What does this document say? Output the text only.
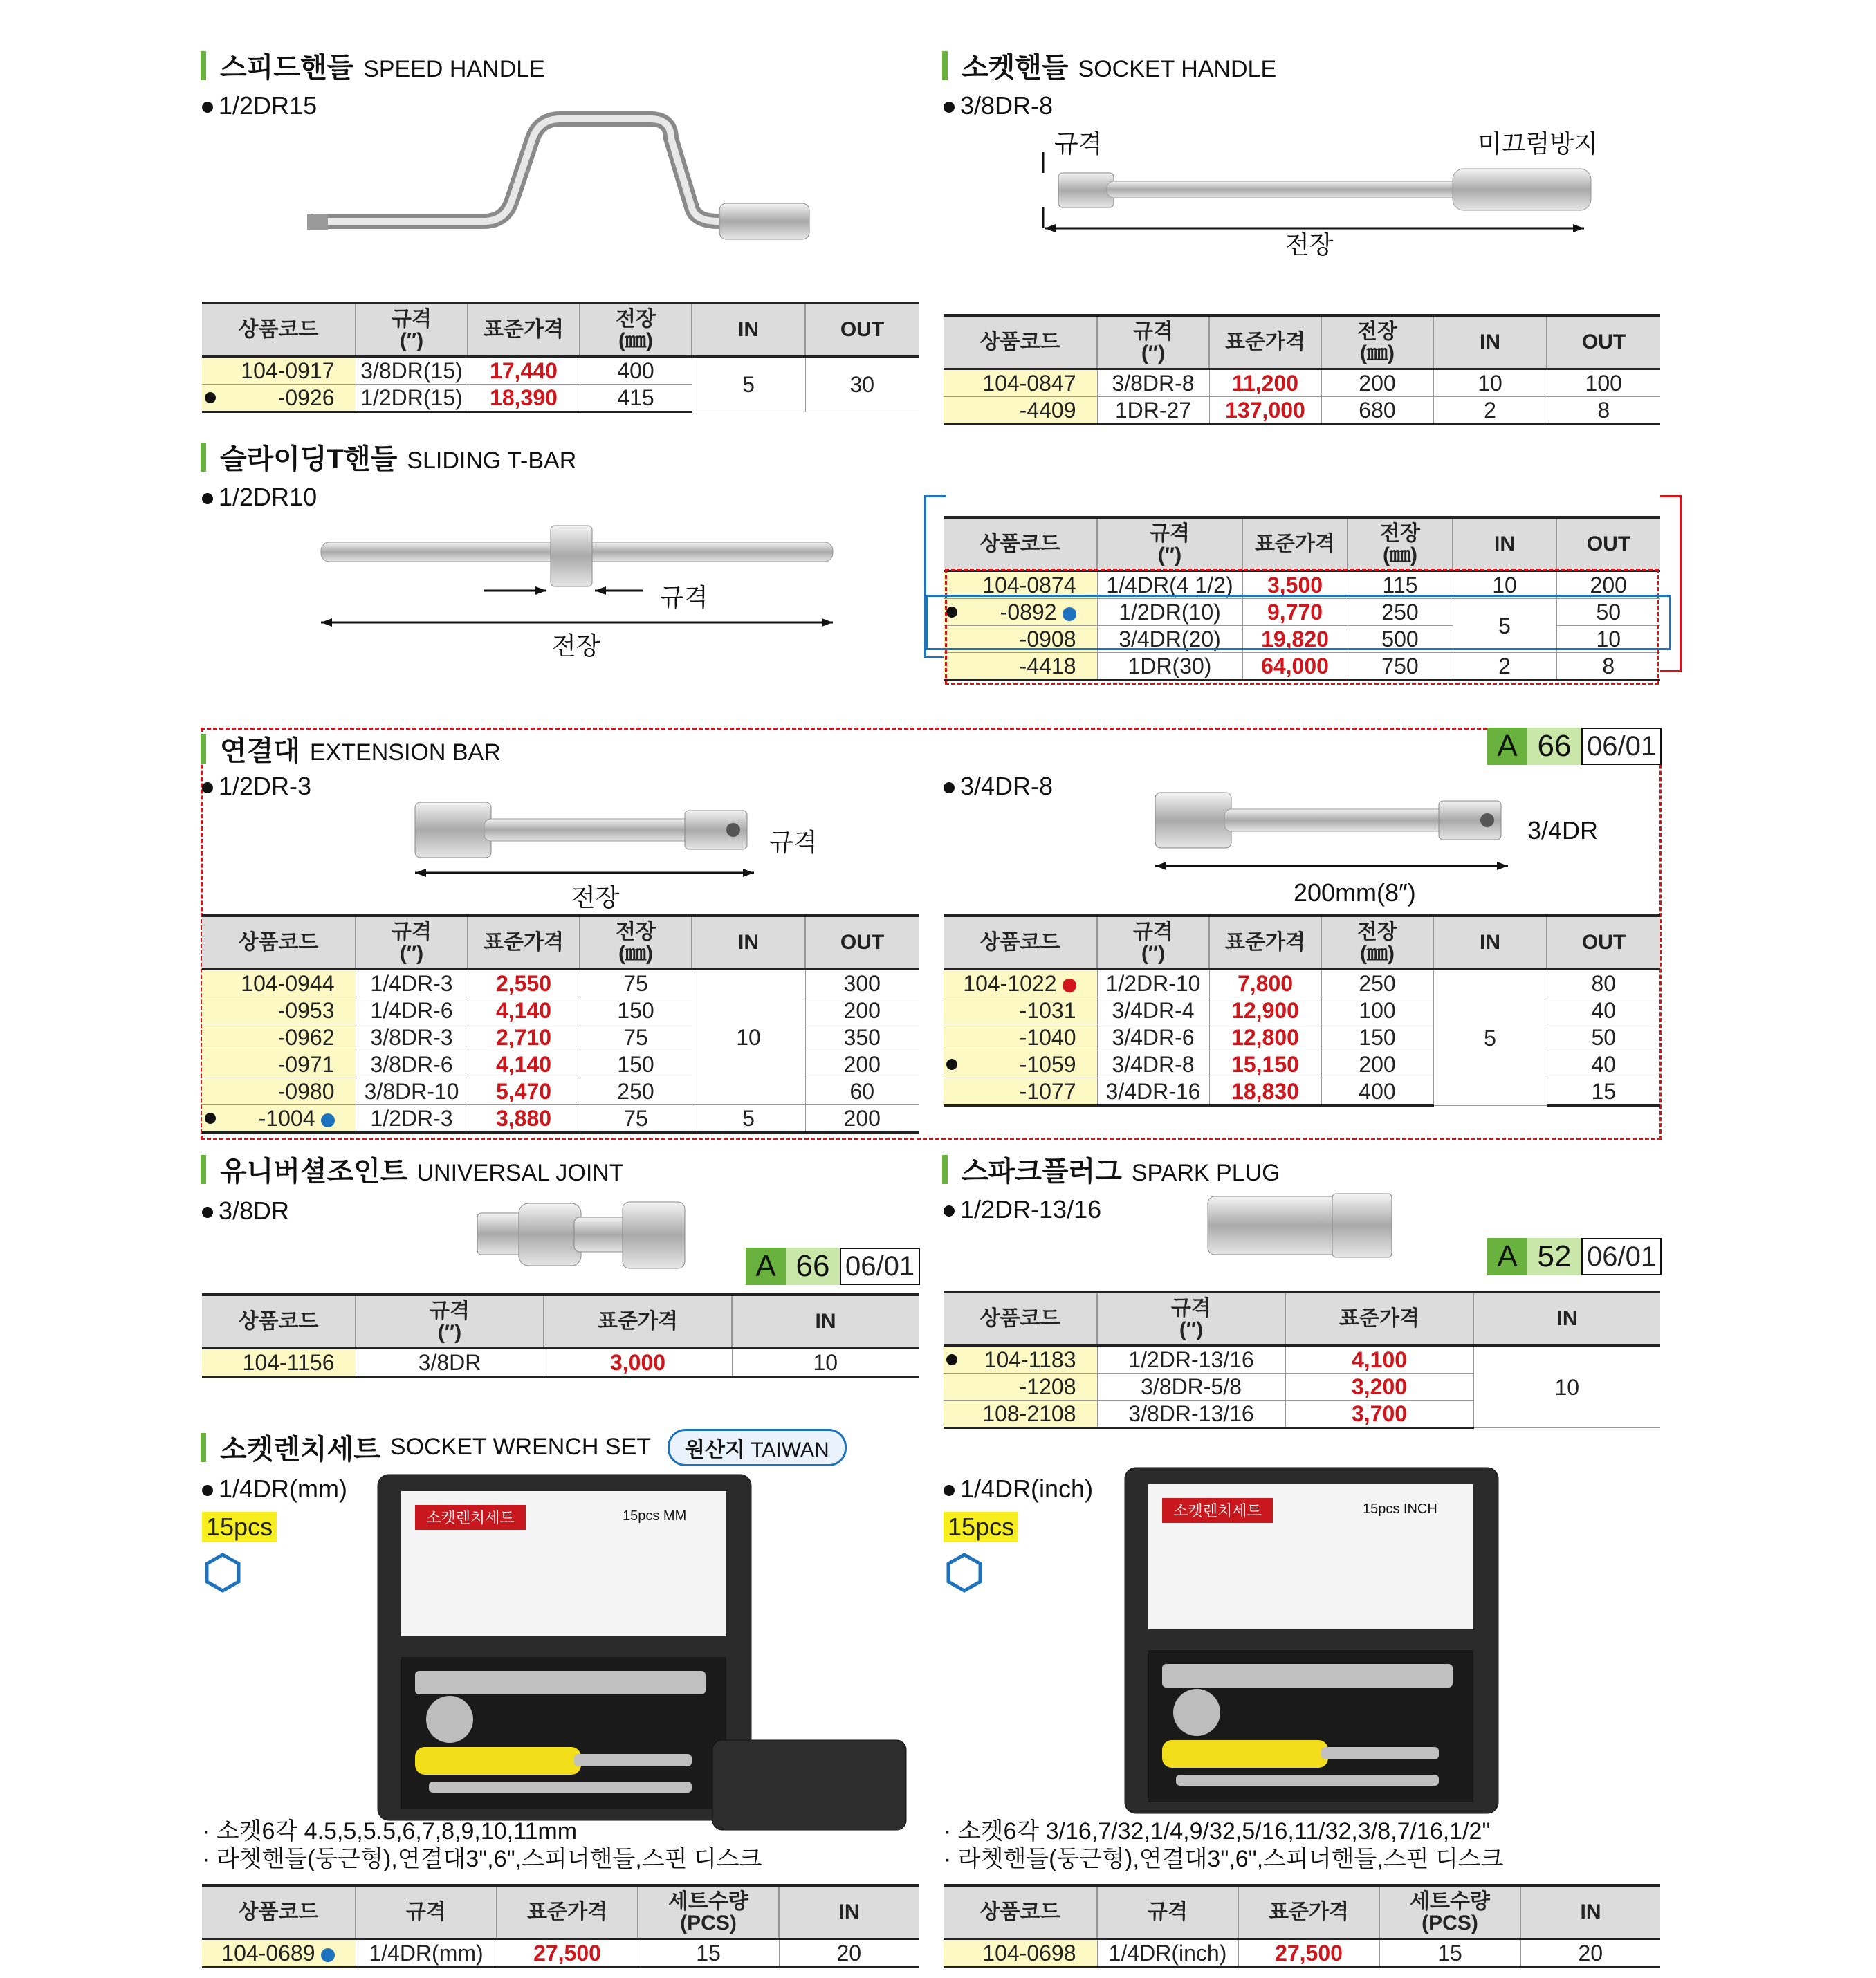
스피드핸들 SPEED HANDLE
1/2DR15
상품코드	규격
(″)	표준가격	전장
(㎜)	IN	OUT
104-0917	3/8DR(15)	17,440	400	5	30

-0926	1/2DR(15)	18,390	415		
소켓핸들 SOCKET HANDLE
3/8DR-8
규격	미끄럼방지
전장
상품코드	규격
(″)	표준가격	전장
(㎜)	IN	OUT
104-0847	3/8DR-8	11,200	200	10	100
-4409	1DR-27	137,000	680	2	8
슬라이딩T핸들 SLIDING T-BAR
1/2DR10
규격
전장
상품코드	규격
(″)	표준가격	전장
(㎜)	IN	OUT
104-0874	1/4DR(4 1/2)	3,500	115	10	200

-0892	1/2DR(10)	9,770	250	5	50
-0908	3/4DR(20)	19,820	500		10
-4418	1DR(30)	64,000	750	2	8
연결대 EXTENSION BAR	A 66 06/01
1/2DR-3	3/4DR-8
규격
전장
3/4DR
200mm(8″)
상품코드	규격
(″)	표준가격	전장
(㎜)	IN	OUT
104-0944	1/4DR-3	2,550	75	10	300
-0953	1/4DR-6	4,140	150		200
-0962	3/8DR-3	2,710	75		350
-0971	3/8DR-6	4,140	150		200
-0980	3/8DR-10	5,470	250		60

-1004	1/2DR-3	3,880	75	5	200
상품코드	규격
(″)	표준가격	전장
(㎜)	IN	OUT
104-1022	1/2DR-10	7,800	250	5	80
-1031	3/4DR-4	12,900	100		40
-1040	3/4DR-6	12,800	150		50

-1059	3/4DR-8	15,150	200		40
-1077	3/4DR-16	18,830	400		15
유니버셜조인트 UNIVERSAL JOINT
3/8DR
A 66 06/01
상품코드	규격
(″)	표준가격	IN
104-1156	3/8DR	3,000	10
스파크플러그 SPARK PLUG
1/2DR-13/16
A 52 06/01
상품코드	규격
(″)	표준가격	IN

104-1183	1/2DR-13/16	4,100	10
-1208	3/8DR-5/8	3,200	
108-2108	3/8DR-13/16	3,700	
소켓렌치세트 SOCKET WRENCH SET	원산지 TAIWAN
1/4DR(mm)
15pcs	소켓렌치세트	15pcs MM
· 소켓6각 4.5,5,5.5,6,7,8,9,10,11mm
· 라쳇핸들(둥근형),연결대3",6",스피너핸들,스핀 디스크
상품코드	규격	표준가격	세트수량
(PCS)	IN
104-0689	1/4DR(mm)	27,500	15	20
1/4DR(inch)
15pcs
소켓렌치세트	15pcs INCH
· 소켓6각 3/16,7/32,1/4,9/32,5/16,11/32,3/8,7/16,1/2"
· 라쳇핸들(둥근형),연결대3",6",스피너핸들,스핀 디스크
상품코드	규격	표준가격	세트수량
(PCS)	IN
104-0698	1/4DR(inch)	27,500	15	20
